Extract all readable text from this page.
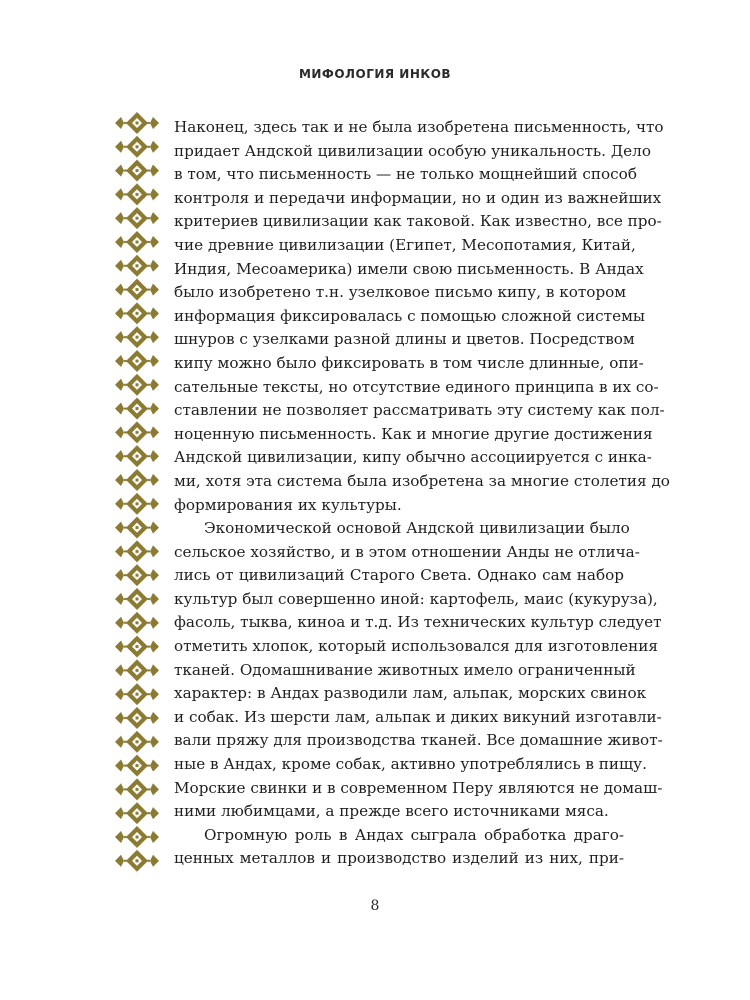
МИФОЛОГИЯ ИНКОВ
Наконец, здесь так и не была изобретена письменность, что
придает Андской цивилизации особую уникальность. Дело
в том, что письменность — не только мощнейший способ
контроля и передачи информации, но и один из важнейших
критериев цивилизации как таковой. Как известно, все про-
чие древние цивилизации (Египет, Месопотамия, Китай,
Индия, Месоамерика) имели свою письменность. В Андах
было изобретено т.н. узелковое письмо кипу, в котором
информация фиксировалась с помощью сложной системы
шнуров с узелками разной длины и цветов. Посредством
кипу можно было фиксировать в том числе длинные, опи-
сательные тексты, но отсутствие единого принципа в их со-
ставлении не позволяет рассматривать эту систему как пол-
ноценную письменность. Как и многие другие достижения
Андской цивилизации, кипу обычно ассоциируется с инка-
ми, хотя эта система была изобретена за многие столетия до
формирования их культуры.
Экономической основой Андской цивилизации было
сельское хозяйство, и в этом отношении Анды не отлича-
лись от цивилизаций Старого Света. Однако сам набор
культур был совершенно иной: картофель, маис (кукуруза),
фасоль, тыква, киноа и т.д. Из технических культур следует
отметить хлопок, который использовался для изготовления
тканей. Одомашнивание животных имело ограниченный
характер: в Андах разводили лам, альпак, морских свинок
и собак. Из шерсти лам, альпак и диких викуний изготавли-
вали пряжу для производства тканей. Все домашние живот-
ные в Андах, кроме собак, активно употреблялись в пищу.
Морские свинки и в современном Перу являются не домаш-
ними любимцами, а прежде всего источниками мяса.
Огромную роль в Андах сыграла обработка драго-
ценных металлов и производство изделий из них, при-
8
